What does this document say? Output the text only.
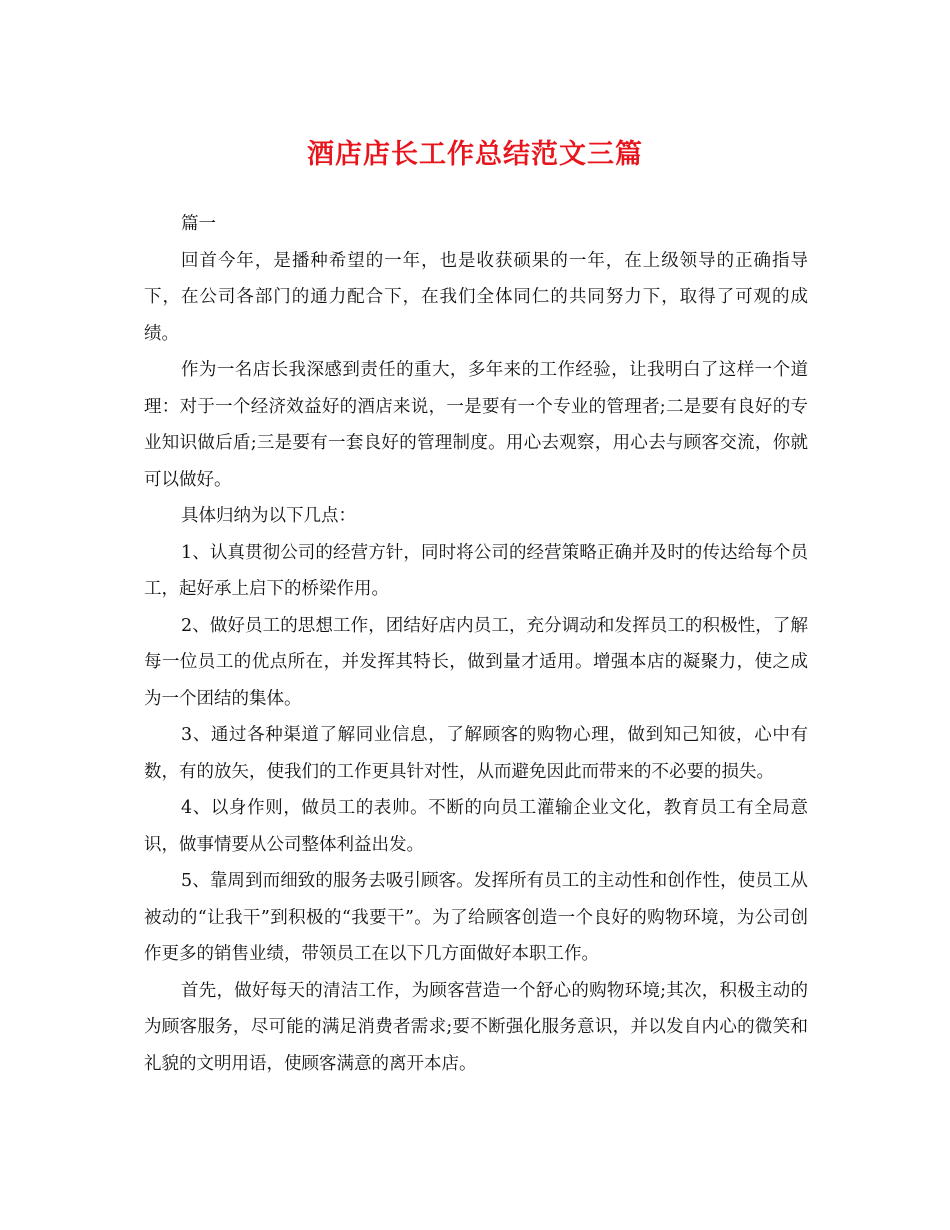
酒店店长工作总结范文三篇

篇一

回首今年，是播种希望的一年，也是收获硕果的一年，在上级领导的正确指导下，在公司各部门的通力配合下，在我们全体同仁的共同努力下，取得了可观的成绩。

作为一名店长我深感到责任的重大，多年来的工作经验，让我明白了这样一个道理：对于一个经济效益好的酒店来说，一是要有一个专业的管理者;二是要有良好的专业知识做后盾;三是要有一套良好的管理制度。用心去观察，用心去与顾客交流，你就可以做好。

具体归纳为以下几点：

1、认真贯彻公司的经营方针，同时将公司的经营策略正确并及时的传达给每个员工，起好承上启下的桥梁作用。

2、做好员工的思想工作，团结好店内员工，充分调动和发挥员工的积极性，了解每一位员工的优点所在，并发挥其特长，做到量才适用。增强本店的凝聚力，使之成为一个团结的集体。

3、通过各种渠道了解同业信息，了解顾客的购物心理，做到知己知彼，心中有数，有的放矢，使我们的工作更具针对性，从而避免因此而带来的不必要的损失。

4、以身作则，做员工的表帅。不断的向员工灌输企业文化，教育员工有全局意识，做事情要从公司整体利益出发。

5、靠周到而细致的服务去吸引顾客。发挥所有员工的主动性和创作性，使员工从被动的“让我干”到积极的“我要干”。为了给顾客创造一个良好的购物环境，为公司创作更多的销售业绩，带领员工在以下几方面做好本职工作。

首先，做好每天的清洁工作，为顾客营造一个舒心的购物环境;其次，积极主动的为顾客服务，尽可能的满足消费者需求;要不断强化服务意识，并以发自内心的微笑和礼貌的文明用语，使顾客满意的离开本店。
